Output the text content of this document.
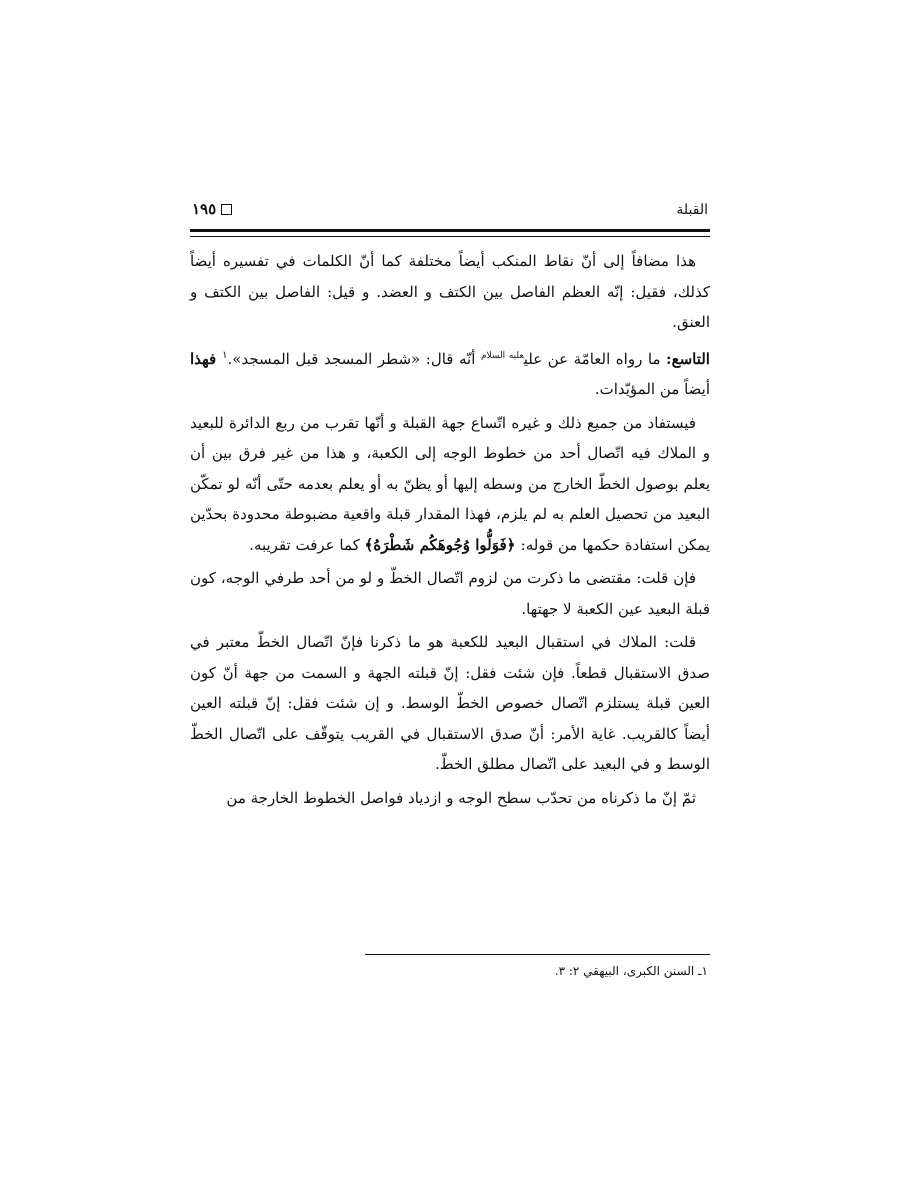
القبلة
١٩٥

هذا مضافاً إلى أنّ نقاط المنكب أيضاً مختلفة كما أنّ الكلمات في تفسيره أيضاً كذلك، فقيل: إنّه العظم الفاصل بين الكتف و العضد. و قيل: الفاصل بين الكتف و العنق.

التاسع: ما رواه العامّة عن علي$^{عليه السلام}$ أنّه قال: «شطر المسجد قبل المسجد».$^١$ فهذا أيضاً من المؤيّدات.

فيستفاد من جميع ذلك و غيره اتّساع جهة القبلة و أنّها تقرب من ربع الدائرة للبعيد و الملاك فيه اتّصال أحد من خطوط الوجه إلى الكعبة، و هذا من غير فرق بين أن يعلم بوصول الخطّ الخارج من وسطه إليها أو يظنّ به أو يعلم بعدمه حتّى أنّه لو تمكّن البعيد من تحصيل العلم به لم يلزم، فهذا المقدار قبلة واقعية مضبوطة محدودة بحدّين يمكن استفادة حكمها من قوله: ﴿فَوَلُّوا وُجُوهَكُم شَطْرَهُ﴾ كما عرفت تقريبه.

فإن قلت: مقتضى ما ذكرت من لزوم اتّصال الخطّ و لو من أحد طرفي الوجه، كون قبلة البعيد عين الكعبة لا جهتها.

قلت: الملاك في استقبال البعيد للكعبة هو ما ذكرنا فإنّ اتّصال الخطّ معتبر في صدق الاستقبال قطعاً. فإن شئت فقل: إنّ قبلته الجهة و السمت من جهة أنّ كون العين قبلة يستلزم اتّصال خصوص الخطّ الوسط. و إن شئت فقل: إنّ قبلته العين أيضاً كالقريب. غاية الأمر: أنّ صدق الاستقبال في القريب يتوقّف على اتّصال الخطّ الوسط و في البعيد على اتّصال مطلق الخطّ.

ثمّ إنّ ما ذكرناه من تحدّب سطح الوجه و ازدياد فواصل الخطوط الخارجة من

١ـ السنن الكبرى، البيهقي ٢: ٣.
